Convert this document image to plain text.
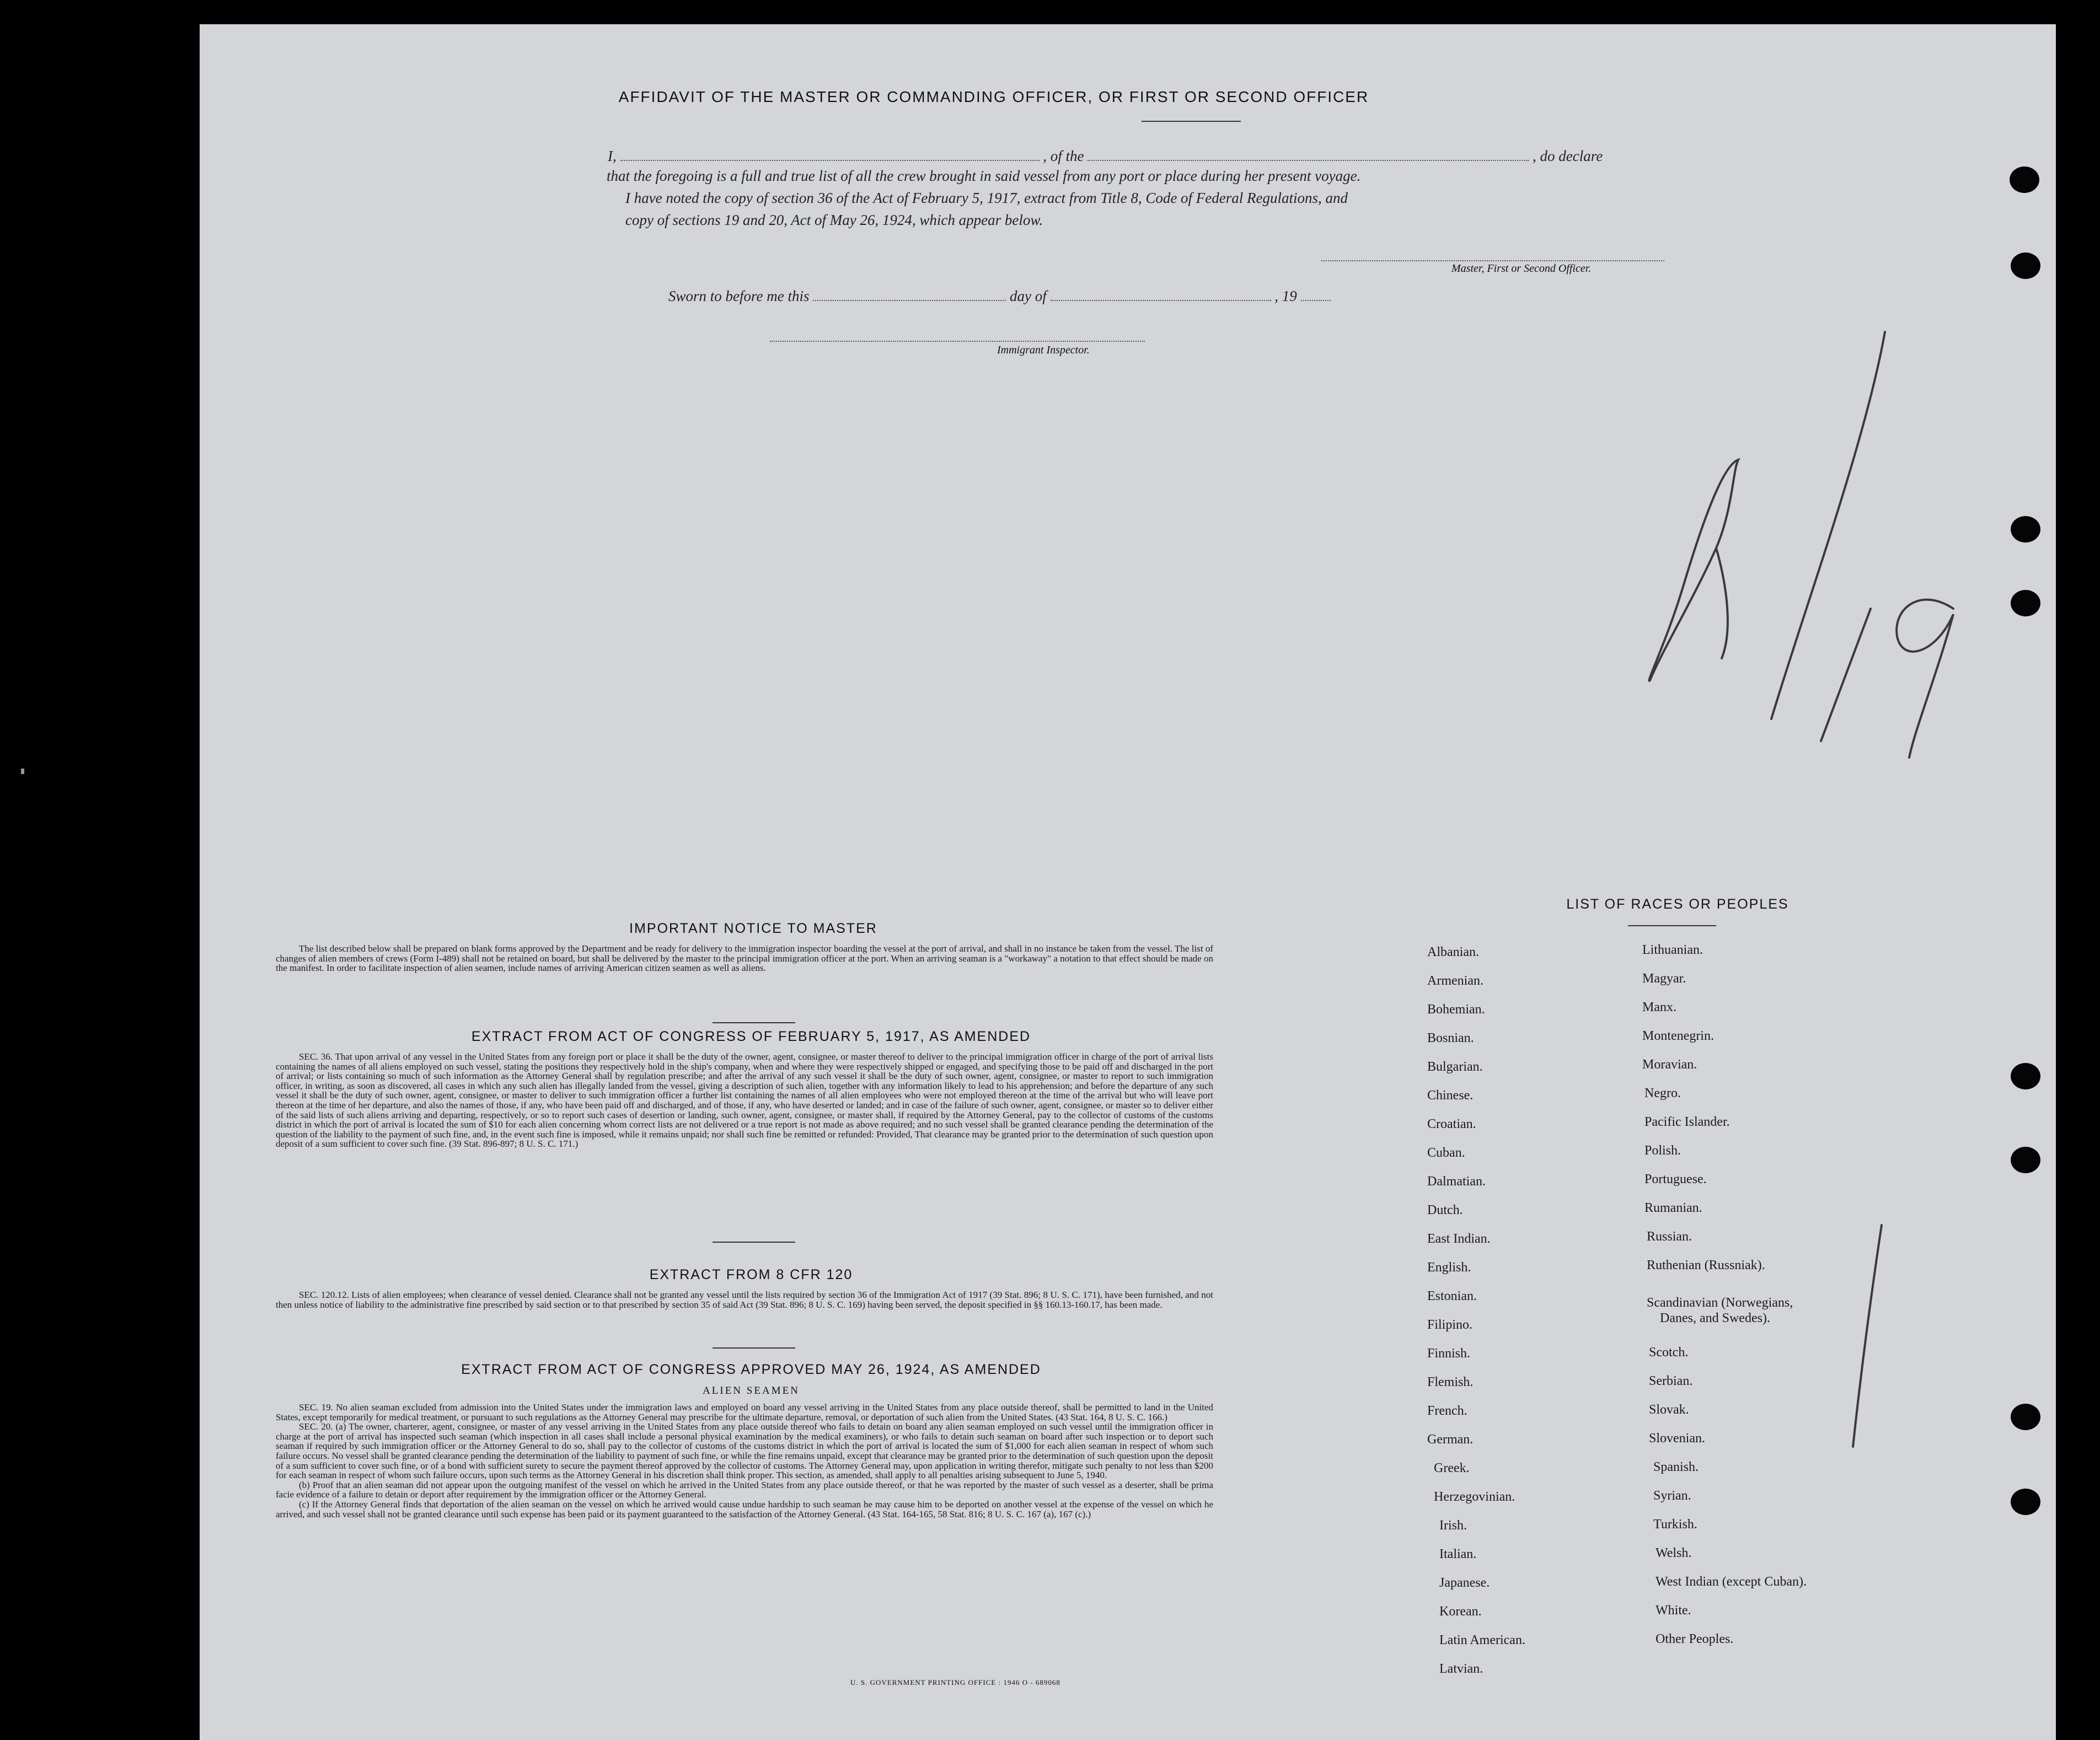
AFFIDAVIT OF THE MASTER OR COMMANDING OFFICER, OR FIRST OR SECOND OFFICER
I,	, of the	, do declare
that the foregoing is a full and true list of all the crew brought in said vessel from any port or place during her present voyage.
I have noted the copy of section 36 of the Act of February 5, 1917, extract from Title 8, Code of Federal Regulations, and
copy of sections 19 and 20, Act of May 26, 1924, which appear below.
Master, First or Second Officer.
Sworn to before me this	day of	, 19
Immigrant Inspector.
IMPORTANT NOTICE TO MASTER

The list described below shall be prepared on blank forms approved by the Department and be ready for delivery to the immigration inspector boarding the vessel at the port of arrival, and shall in no instance be taken from the vessel. The list of changes of alien members of crews (Form I-489) shall not be retained on board, but shall be delivered by the master to the principal immigration officer at the port. When an arriving seaman is a "workaway" a notation to that effect should be made on the manifest. In order to facilitate inspection of alien seamen, include names of arriving American citizen seamen as well as aliens.

EXTRACT FROM ACT OF CONGRESS OF FEBRUARY 5, 1917, AS AMENDED

SEC. 36. That upon arrival of any vessel in the United States from any foreign port or place it shall be the duty of the owner, agent, consignee, or master thereof to deliver to the principal immigration officer in charge of the port of arrival lists containing the names of all aliens employed on such vessel, stating the positions they respectively hold in the ship's company, when and where they were respectively shipped or engaged, and specifying those to be paid off and discharged in the port of arrival; or lists containing so much of such information as the Attorney General shall by regulation prescribe; and after the arrival of any such vessel it shall be the duty of such owner, agent, consignee, or master to report to such immigration officer, in writing, as soon as discovered, all cases in which any such alien has illegally landed from the vessel, giving a description of such alien, together with any information likely to lead to his apprehension; and before the departure of any such vessel it shall be the duty of such owner, agent, consignee, or master to deliver to such immigration officer a further list containing the names of all alien employees who were not employed thereon at the time of the arrival but who will leave port thereon at the time of her departure, and also the names of those, if any, who have been paid off and discharged, and of those, if any, who have deserted or landed; and in case of the failure of such owner, agent, consignee, or master so to deliver either of the said lists of such aliens arriving and departing, respectively, or so to report such cases of desertion or landing, such owner, agent, consignee, or master shall, if required by the Attorney General, pay to the collector of customs of the customs district in which the port of arrival is located the sum of $10 for each alien concerning whom correct lists are not delivered or a true report is not made as above required; and no such vessel shall be granted clearance pending the determination of the question of the liability to the payment of such fine, and, in the event such fine is imposed, while it remains unpaid; nor shall such fine be remitted or refunded: Provided, That clearance may be granted prior to the determination of such question upon deposit of a sum sufficient to cover such fine. (39 Stat. 896-897; 8 U. S. C. 171.)

EXTRACT FROM 8 CFR 120

SEC. 120.12. Lists of alien employees; when clearance of vessel denied. Clearance shall not be granted any vessel until the lists required by section 36 of the Immigration Act of 1917 (39 Stat. 896; 8 U. S. C. 171), have been furnished, and not then unless notice of liability to the administrative fine prescribed by said section or to that prescribed by section 35 of said Act (39 Stat. 896; 8 U. S. C. 169) having been served, the deposit specified in §§ 160.13-160.17, has been made.

EXTRACT FROM ACT OF CONGRESS APPROVED MAY 26, 1924, AS AMENDED
ALIEN SEAMEN

SEC. 19. No alien seaman excluded from admission into the United States under the immigration laws and employed on board any vessel arriving in the United States from any place outside thereof, shall be permitted to land in the United States, except temporarily for medical treatment, or pursuant to such regulations as the Attorney General may prescribe for the ultimate departure, removal, or deportation of such alien from the United States. (43 Stat. 164, 8 U. S. C. 166.)

SEC. 20. (a) The owner, charterer, agent, consignee, or master of any vessel arriving in the United States from any place outside thereof who fails to detain on board any alien seaman employed on such vessel until the immigration officer in charge at the port of arrival has inspected such seaman (which inspection in all cases shall include a personal physical examination by the medical examiners), or who fails to detain such seaman on board after such inspection or to deport such seaman if required by such immigration officer or the Attorney General to do so, shall pay to the collector of customs of the customs district in which the port of arrival is located the sum of $1,000 for each alien seaman in respect of whom such failure occurs. No vessel shall be granted clearance pending the determination of the liability to payment of such fine, or while the fine remains unpaid, except that clearance may be granted prior to the determination of such question upon the deposit of a sum sufficient to cover such fine, or of a bond with sufficient surety to secure the payment thereof approved by the collector of customs. The Attorney General may, upon application in writing therefor, mitigate such penalty to not less than $200 for each seaman in respect of whom such failure occurs, upon such terms as the Attorney General in his discretion shall think proper. This section, as amended, shall apply to all penalties arising subsequent to June 5, 1940.

(b) Proof that an alien seaman did not appear upon the outgoing manifest of the vessel on which he arrived in the United States from any place outside thereof, or that he was reported by the master of such vessel as a deserter, shall be prima facie evidence of a failure to detain or deport after requirement by the immigration officer or the Attorney General.

(c) If the Attorney General finds that deportation of the alien seaman on the vessel on which he arrived would cause undue hardship to such seaman he may cause him to be deported on another vessel at the expense of the vessel on which he arrived, and such vessel shall not be granted clearance until such expense has been paid or its payment guaranteed to the satisfaction of the Attorney General. (43 Stat. 164-165, 58 Stat. 816; 8 U. S. C. 167 (a), 167 (c).)

U. S. GOVERNMENT PRINTING OFFICE : 1946 O - 689068
LIST OF RACES OR PEOPLES
Albanian.
Armenian.
Bohemian.
Bosnian.
Bulgarian.
Chinese.
Croatian.
Cuban.
Dalmatian.
Dutch.
East Indian.
English.
Estonian.
Filipino.
Finnish.
Flemish.
French.
German.
Greek.
Herzegovinian.
Irish.
Italian.
Japanese.
Korean.
Latin American.
Latvian.
Lithuanian.
Magyar.
Manx.
Montenegrin.
Moravian.
Negro.
Pacific Islander.
Polish.
Portuguese.
Rumanian.
Russian.
Ruthenian (Russniak).
Scandinavian (Norwegians,
Danes, and Swedes).
Scotch.
Serbian.
Slovak.
Slovenian.
Spanish.
Syrian.
Turkish.
Welsh.
West Indian (except Cuban).
White.
Other Peoples.
